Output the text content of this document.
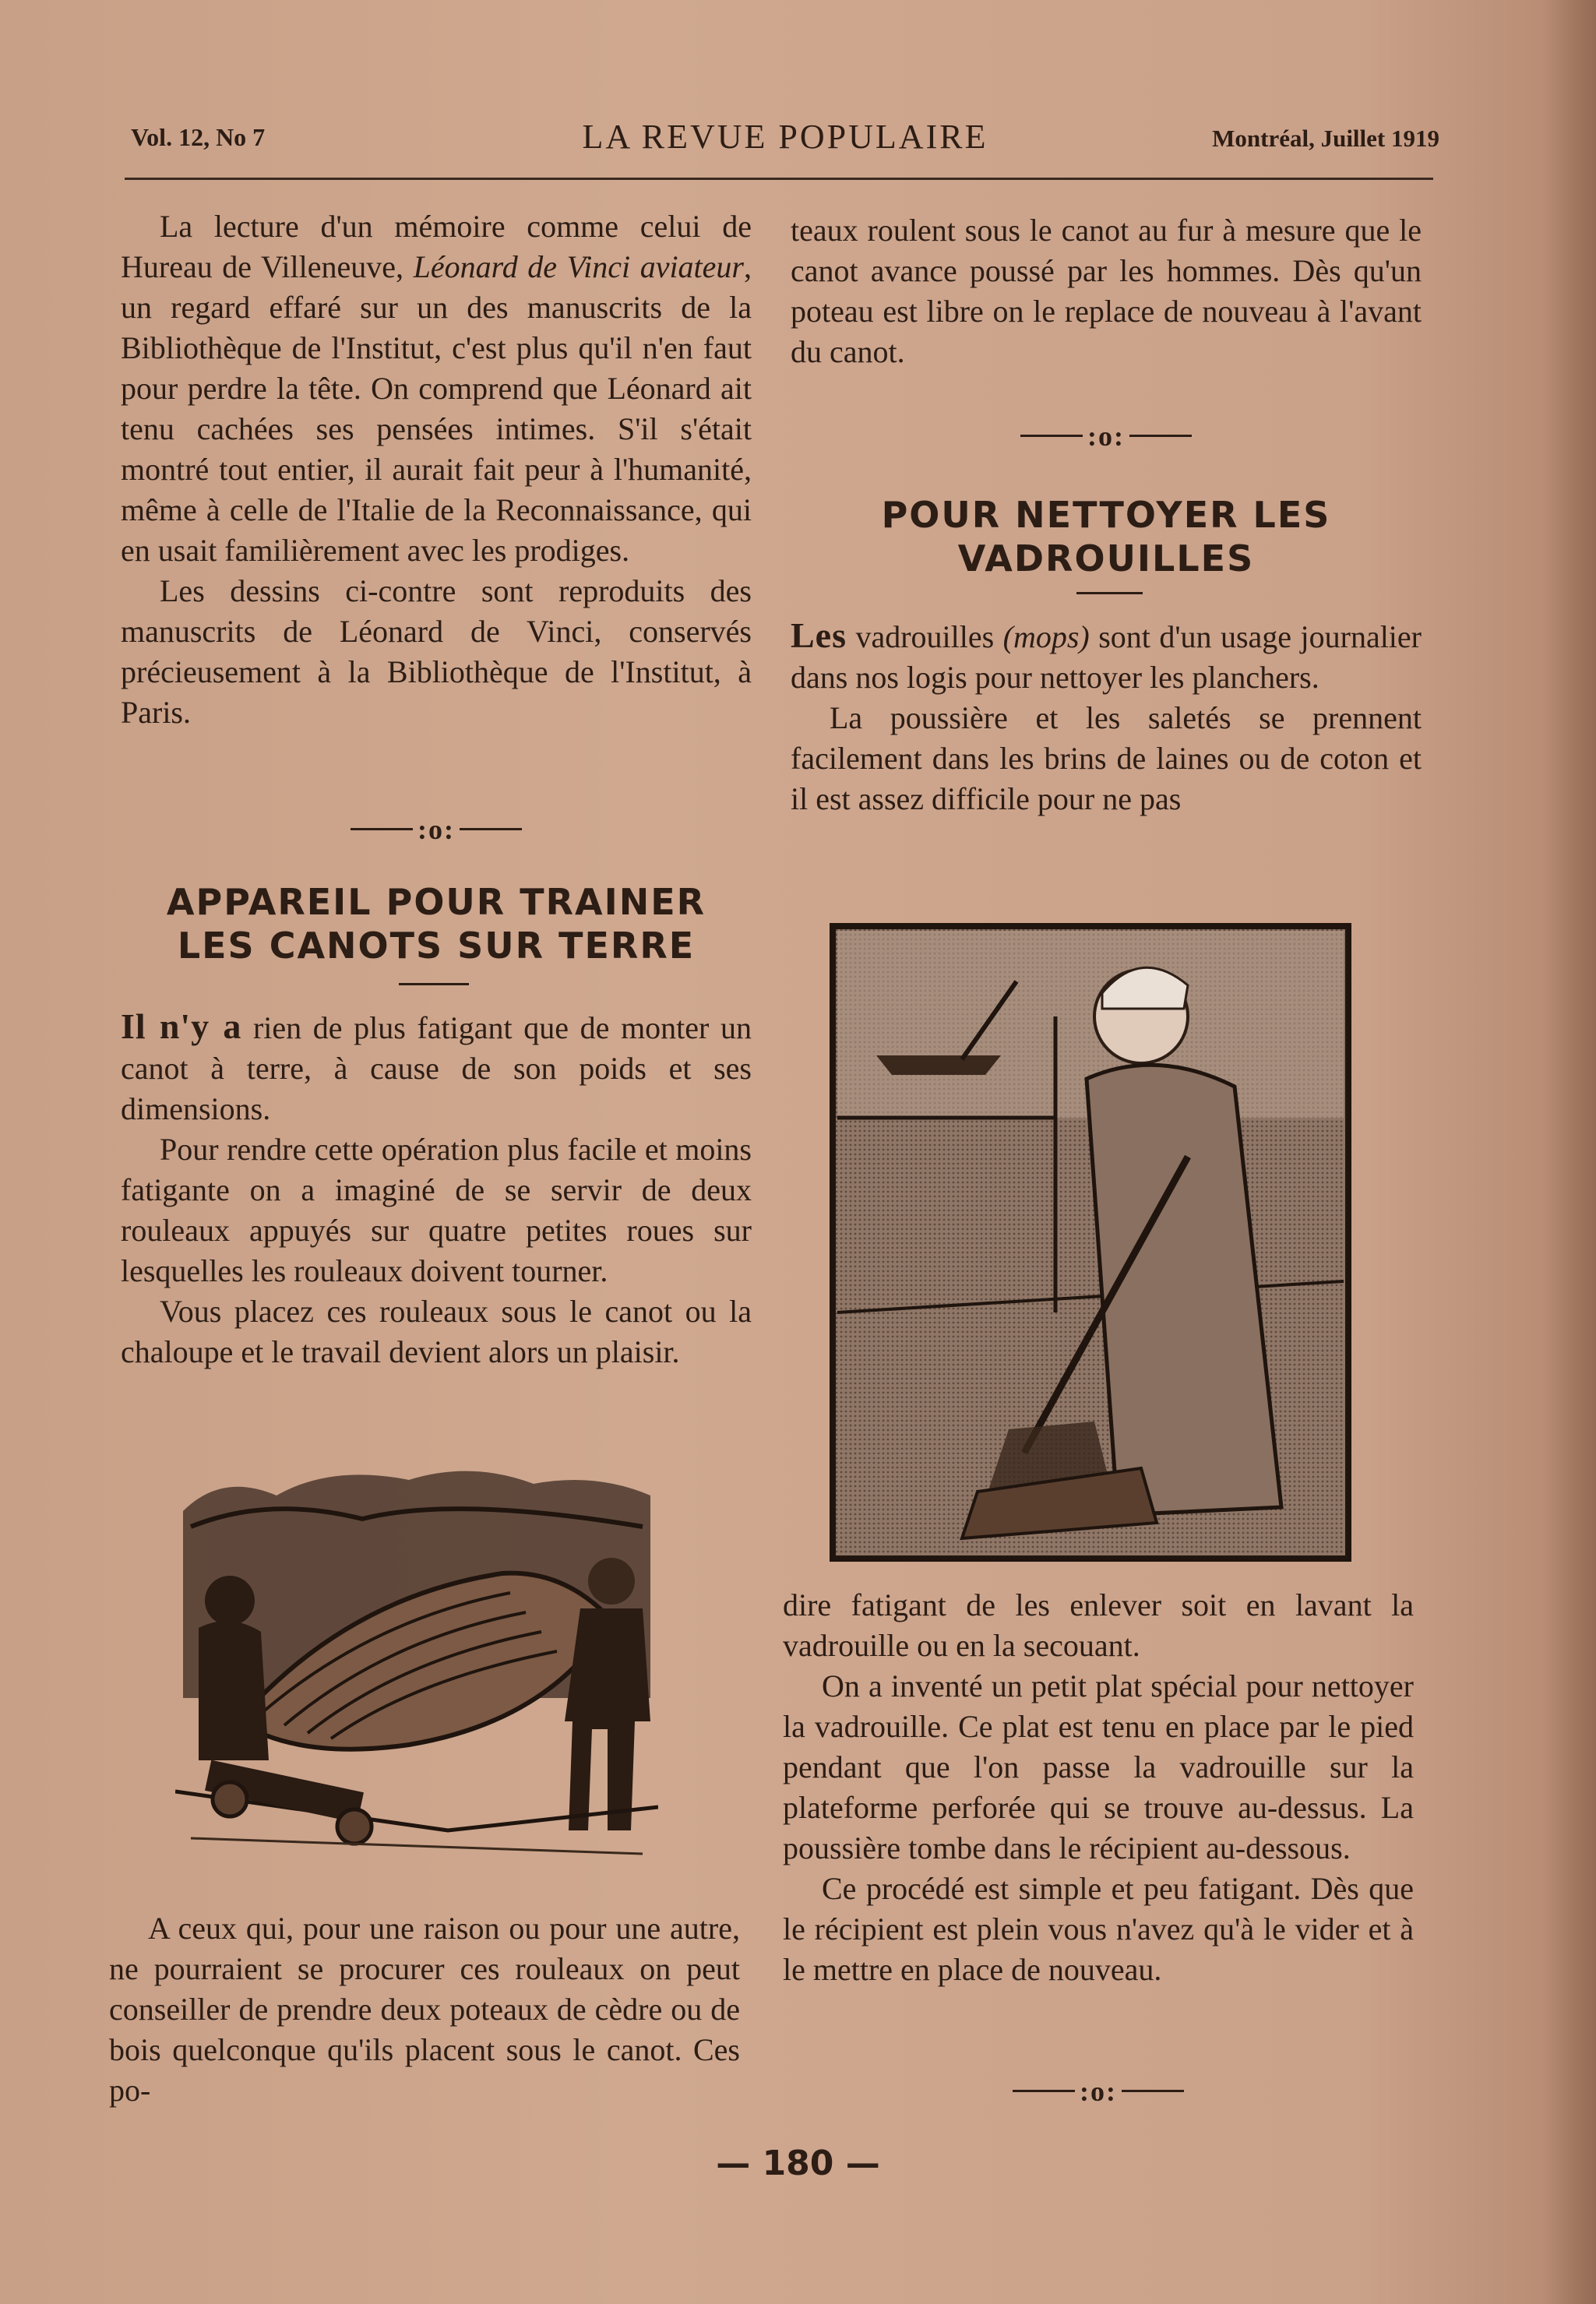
Vol. 12, No 7	LA REVUE POPULAIRE	Montréal, Juillet 1919

La lecture d'un mémoire comme celui de Hureau de Villeneuve, Léonard de Vinci aviateur, un regard effaré sur un des manuscrits de la Bibliothèque de l'Institut, c'est plus qu'il n'en faut pour perdre la tête. On comprend que Léonard ait tenu cachées ses pensées intimes. S'il s'était montré tout entier, il aurait fait peur à l'humanité, même à celle de l'Italie de la Reconnaissance, qui en usait familièrement avec les prodiges.

Les dessins ci-contre sont reproduits des manuscrits de Léonard de Vinci, conservés précieusement à la Bibliothèque de l'Institut, à Paris.

:o:
APPAREIL POUR TRAINER
LES CANOTS SUR TERRE

Il n'y a rien de plus fatigant que de monter un canot à terre, à cause de son poids et ses dimensions.

Pour rendre cette opération plus facile et moins fatigante on a imaginé de se servir de deux rouleaux appuyés sur quatre petites roues sur lesquelles les rouleaux doivent tourner.

Vous placez ces rouleaux sous le canot ou la chaloupe et le travail devient alors un plaisir.

A ceux qui, pour une raison ou pour une autre, ne pourraient se procurer ces rouleaux on peut conseiller de prendre deux poteaux de cèdre ou de bois quelconque qu'ils placent sous le canot. Ces po-

teaux roulent sous le canot au fur à mesure que le canot avance poussé par les hommes. Dès qu'un poteau est libre on le replace de nouveau à l'avant du canot.

:o:
POUR NETTOYER LES
VADROUILLES

Les vadrouilles (mops) sont d'un usage journalier dans nos logis pour nettoyer les planchers.

La poussière et les saletés se prennent facilement dans les brins de laines ou de coton et il est assez difficile pour ne pas

dire fatigant de les enlever soit en lavant la vadrouille ou en la secouant.

On a inventé un petit plat spécial pour nettoyer la vadrouille. Ce plat est tenu en place par le pied pendant que l'on passe la vadrouille sur la plateforme perforée qui se trouve au-dessus. La poussière tombe dans le récipient au-dessous.

Ce procédé est simple et peu fatigant. Dès que le récipient est plein vous n'avez qu'à le vider et à le mettre en place de nouveau.

:o:
— 180 —
